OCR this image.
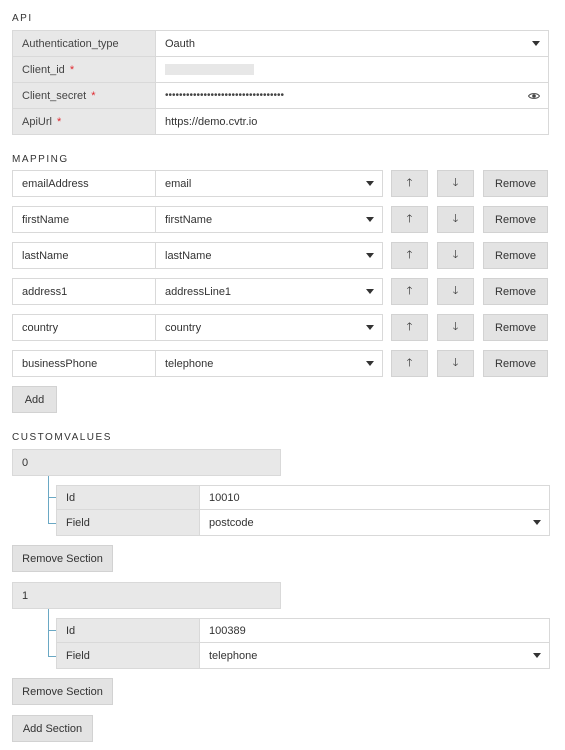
API
Authentication_type	Oauth
Client_id *
Client_secret *	••••••••••••••••••••••••••••••••••
ApiUrl *	https://demo.cvtr.io
MAPPING
emailAddress	email	🡑	🡓	Remove
firstName	firstName	🡑	🡓	Remove
lastName	lastName	🡑	🡓	Remove
address1	addressLine1	🡑	🡓	Remove
country	country	🡑	🡓	Remove
businessPhone	telephone	🡑	🡓	Remove
Add
CUSTOMVALUES
0
Id	10010
Field	postcode
Remove Section
1
Id	100389
Field	telephone
Remove Section
Add Section
